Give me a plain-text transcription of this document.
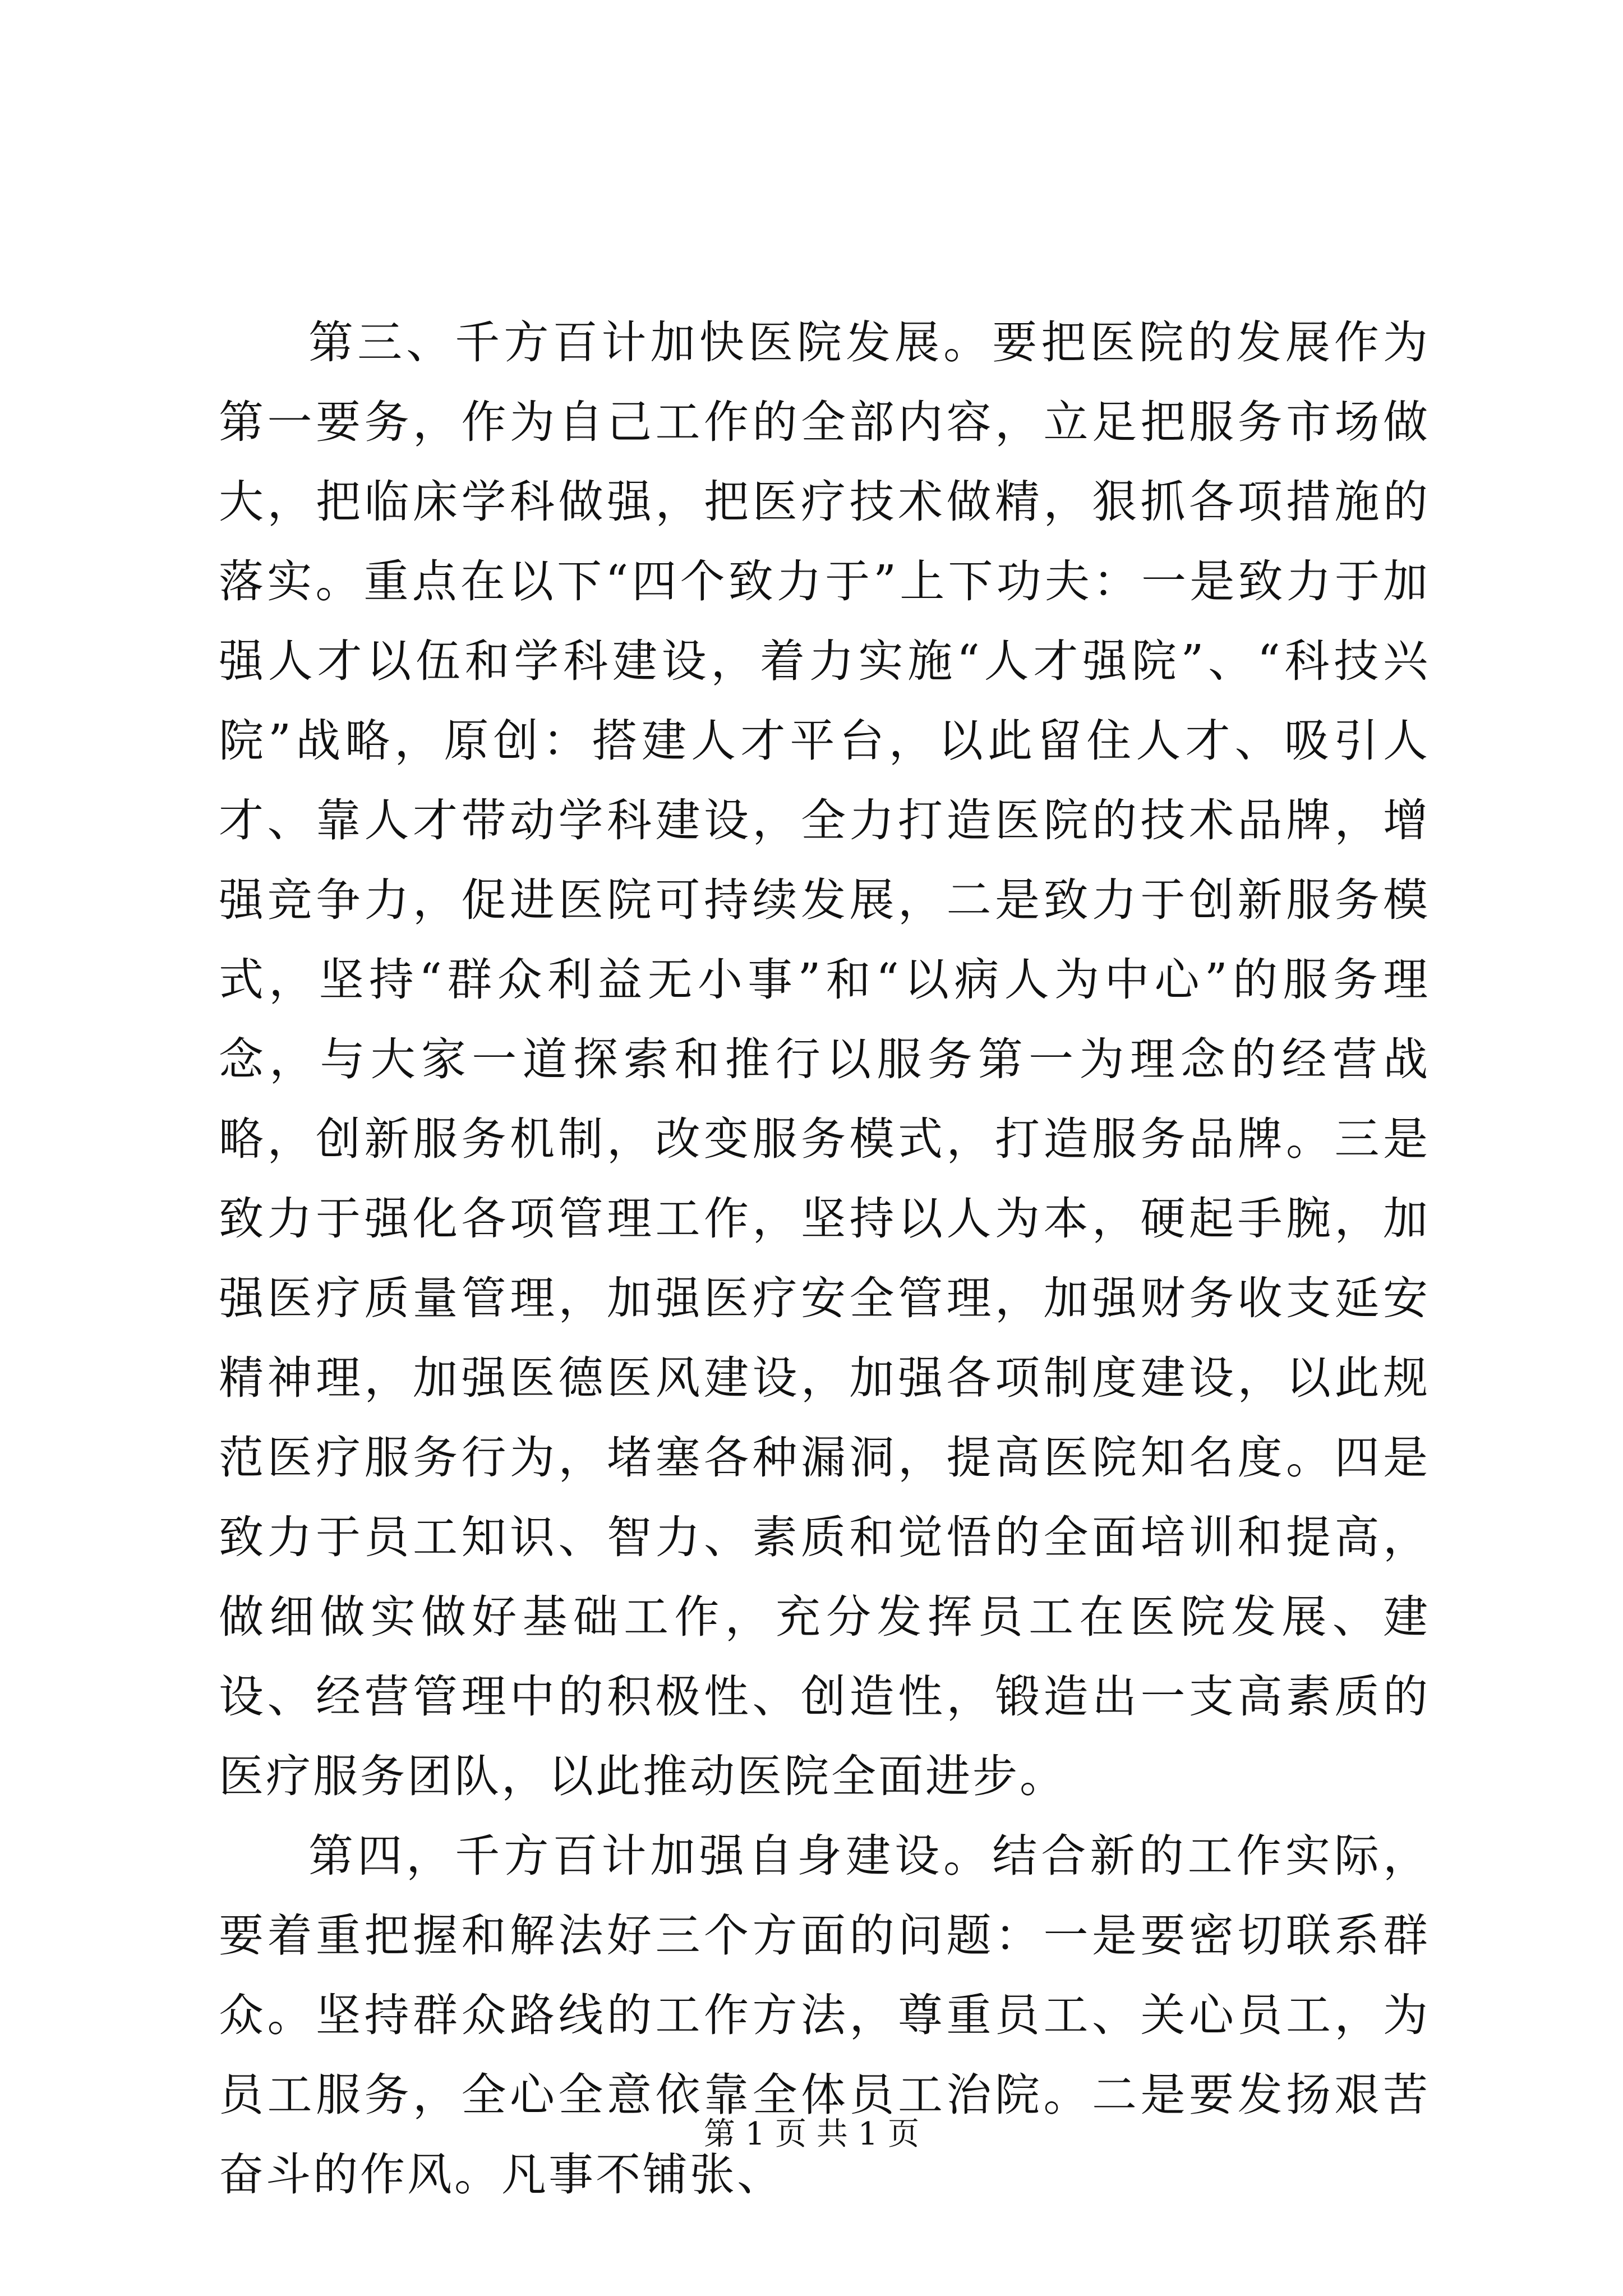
第三、千方百计加快医院发展。要把医院的发展作为第一要务，作为自己工作的全部内容，立足把服务市场做大，把临床学科做强，把医疗技术做精，狠抓各项措施的落实。重点在以下“四个致力于”上下功夫：一是致力于加强人才以伍和学科建设，着力实施“人才强院”、“科技兴院”战略，原创：搭建人才平台，以此留住人才、吸引人才、靠人才带动学科建设，全力打造医院的技术品牌，增强竞争力，促进医院可持续发展，二是致力于创新服务模式，坚持“群众利益无小事”和“以病人为中心”的服务理念，与大家一道探索和推行以服务第一为理念的经营战略，创新服务机制，改变服务模式，打造服务品牌。三是致力于强化各项管理工作，坚持以人为本，硬起手腕，加强医疗质量管理，加强医疗安全管理，加强财务收支延安精神理，加强医德医风建设，加强各项制度建设，以此规范医疗服务行为，堵塞各种漏洞，提高医院知名度。四是致力于员工知识、智力、素质和觉悟的全面培训和提高，做细做实做好基础工作，充分发挥员工在医院发展、建设、经营管理中的积极性、创造性，锻造出一支高素质的医疗服务团队，以此推动医院全面进步。

第四，千方百计加强自身建设。结合新的工作实际，要着重把握和解法好三个方面的问题：一是要密切联系群众。坚持群众路线的工作方法，尊重员工、关心员工，为员工服务，全心全意依靠全体员工治院。二是要发扬艰苦奋斗的作风。凡事不铺张、

第 1 页 共 1 页
